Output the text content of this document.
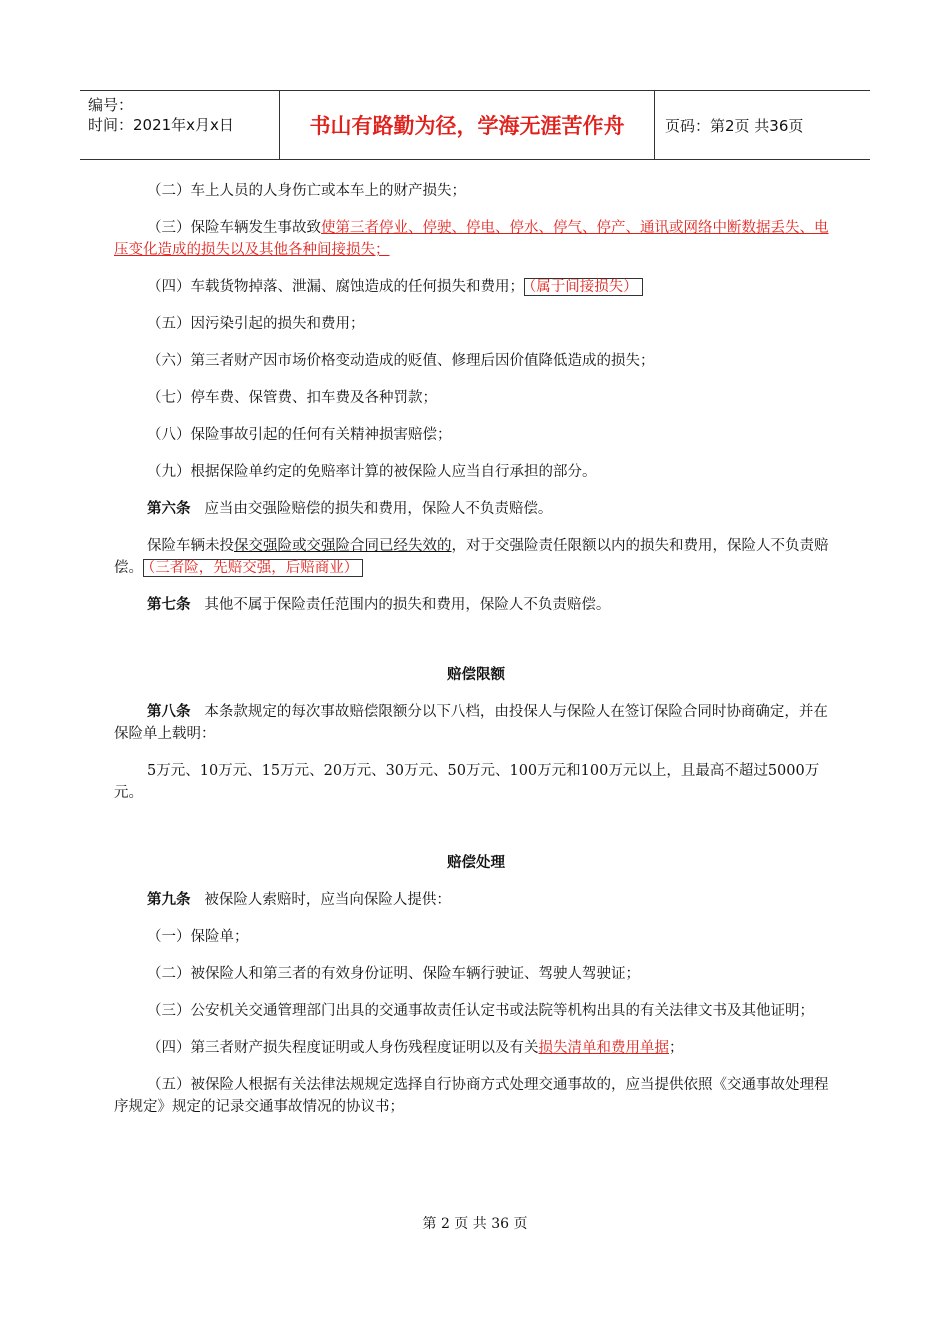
编号：
时间：2021年x月x日	书山有路勤为径，学海无涯苦作舟	页码：第2页 共36页

（二）车上人员的人身伤亡或本车上的财产损失；

（三）保险车辆发生事故致使第三者停业、停驶、停电、停水、停气、停产、通讯或网络中断数据丢失、电压变化造成的损失以及其他各种间接损失；

（四）车载货物掉落、泄漏、腐蚀造成的任何损失和费用； （属于间接损失）

（五）因污染引起的损失和费用；

（六）第三者财产因市场价格变动造成的贬值、修理后因价值降低造成的损失；

（七）停车费、保管费、扣车费及各种罚款；

（八）保险事故引起的任何有关精神损害赔偿；

（九）根据保险单约定的免赔率计算的被保险人应当自行承担的部分。

第六条 应当由交强险赔偿的损失和费用，保险人不负责赔偿。

保险车辆未投保交强险或交强险合同已经失效的，对于交强险责任限额以内的损失和费用，保险人不负责赔偿。 （三者险，先赔交强，后赔商业）

第七条 其他不属于保险责任范围内的损失和费用，保险人不负责赔偿。

赔偿限额

第八条 本条款规定的每次事故赔偿限额分以下八档，由投保人与保险人在签订保险合同时协商确定，并在保险单上载明：

5万元、10万元、15万元、20万元、30万元、50万元、100万元和100万元以上，且最高不超过5000万元。

赔偿处理

第九条 被保险人索赔时，应当向保险人提供：

（一）保险单；

（二）被保险人和第三者的有效身份证明、保险车辆行驶证、驾驶人驾驶证；

（三）公安机关交通管理部门出具的交通事故责任认定书或法院等机构出具的有关法律文书及其他证明；

（四）第三者财产损失程度证明或人身伤残程度证明以及有关损失清单和费用单据；

（五）被保险人根据有关法律法规规定选择自行协商方式处理交通事故的，应当提供依照《交通事故处理程序规定》规定的记录交通事故情况的协议书；

第 2 页 共 36 页
